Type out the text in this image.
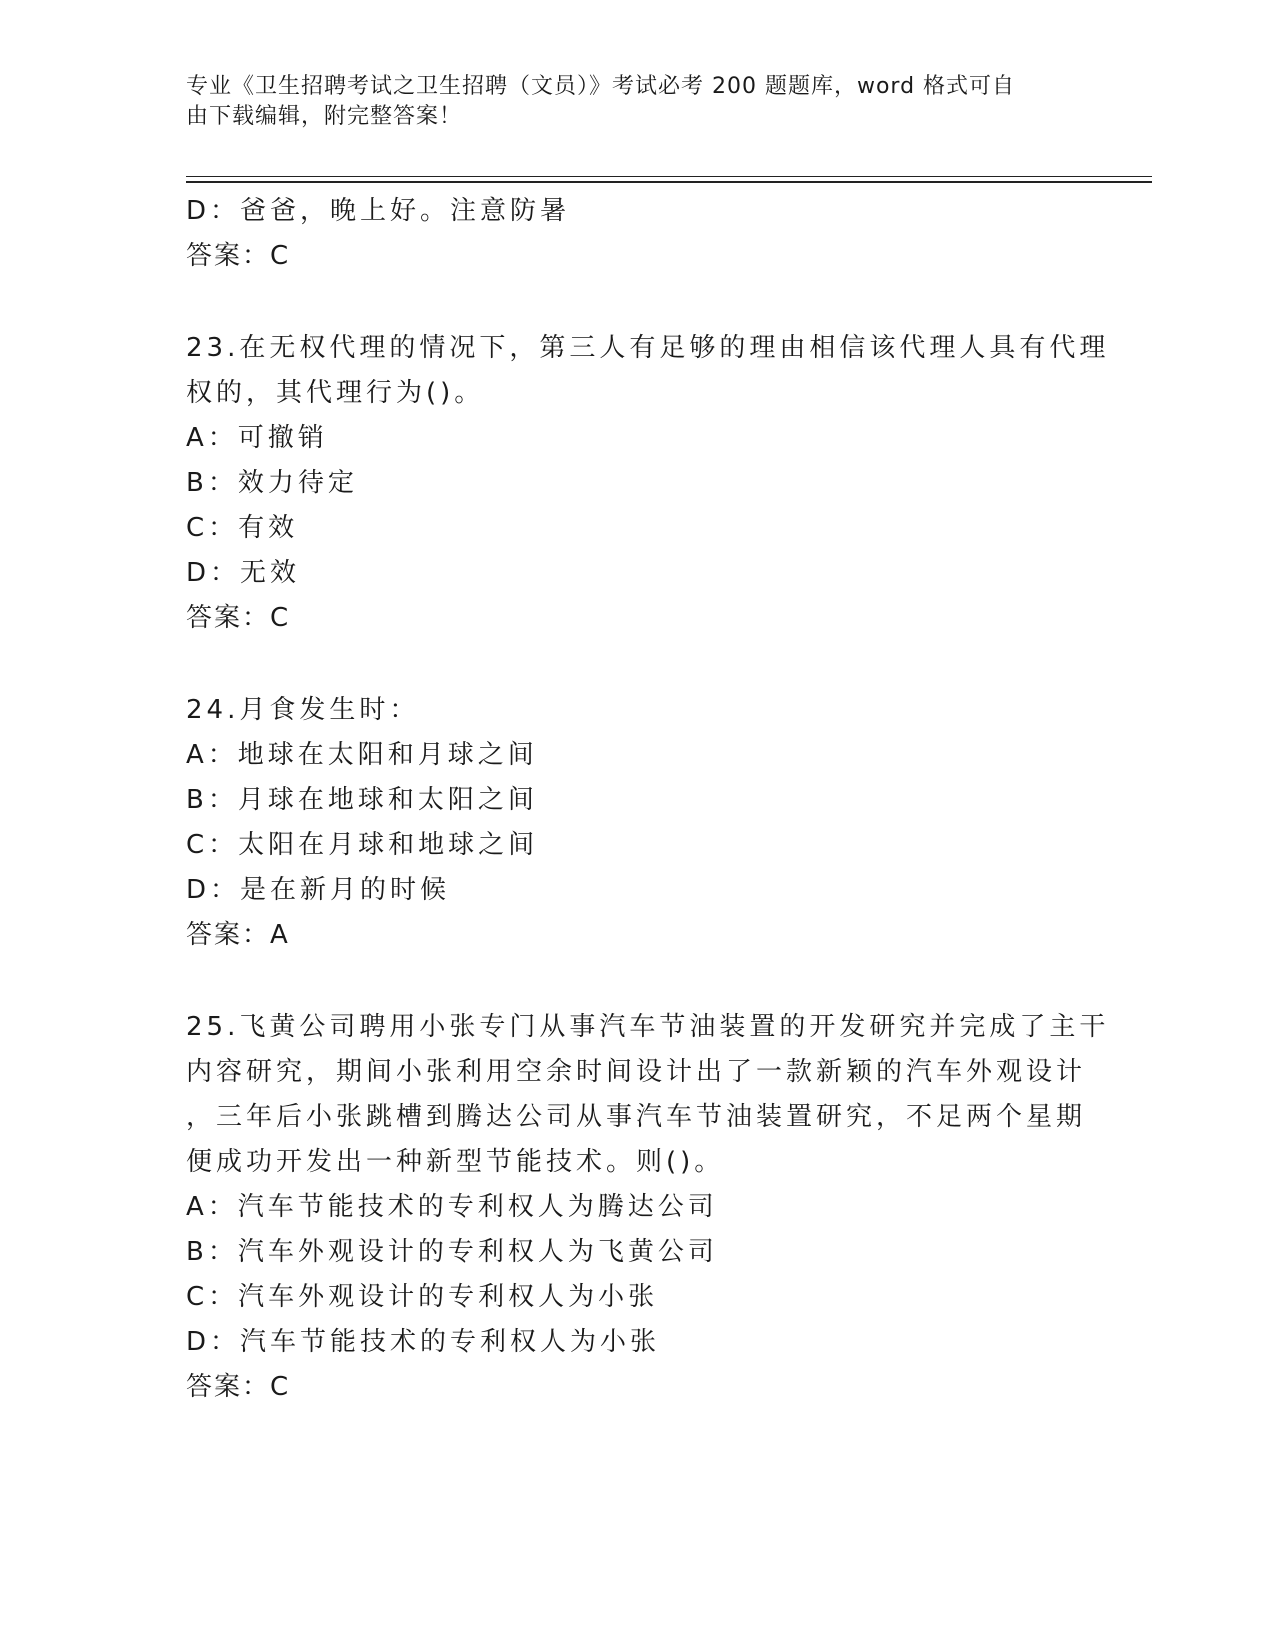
专业《卫生招聘考试之卫生招聘（文员）》考试必考 200 题题库，word 格式可自
由下载编辑，附完整答案！
D：爸爸，晚上好。注意防暑
答案：C
23.在无权代理的情况下，第三人有足够的理由相信该代理人具有代理
权的，其代理行为()。
A：可撤销
B：效力待定
C：有效
D：无效
答案：C
24.月食发生时：
A：地球在太阳和月球之间
B：月球在地球和太阳之间
C：太阳在月球和地球之间
D：是在新月的时候
答案：A
25.飞黄公司聘用小张专门从事汽车节油装置的开发研究并完成了主干
内容研究，期间小张利用空余时间设计出了一款新颖的汽车外观设计
，三年后小张跳槽到腾达公司从事汽车节油装置研究，不足两个星期
便成功开发出一种新型节能技术。则()。
A：汽车节能技术的专利权人为腾达公司
B：汽车外观设计的专利权人为飞黄公司
C：汽车外观设计的专利权人为小张
D：汽车节能技术的专利权人为小张
答案：C
